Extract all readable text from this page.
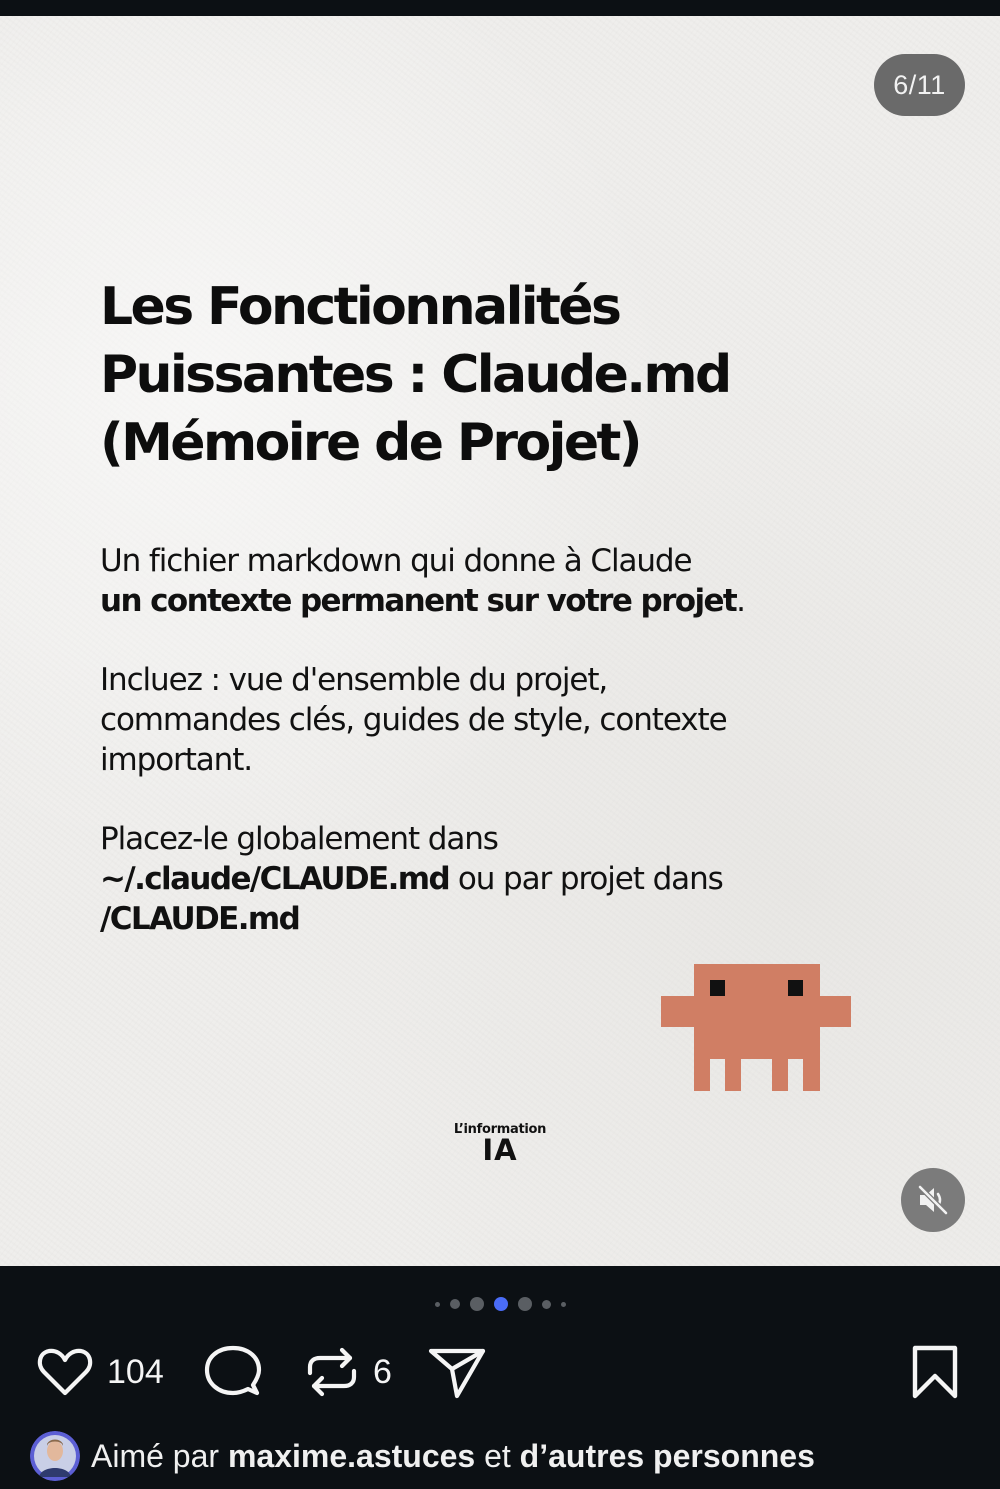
6/11
Les Fonctionnalités
Puissantes : Claude.md
(Mémoire de Projet)
Un fichier markdown qui donne à Claude
un contexte permanent sur votre projet.
Incluez : vue d'ensemble du projet,
commandes clés, guides de style, contexte
important.
Placez-le globalement dans
~/.claude/CLAUDE.md ou par projet dans
/CLAUDE.md
L’information
IA
104	6
Aimé par maxime.astuces et d’autres personnes
